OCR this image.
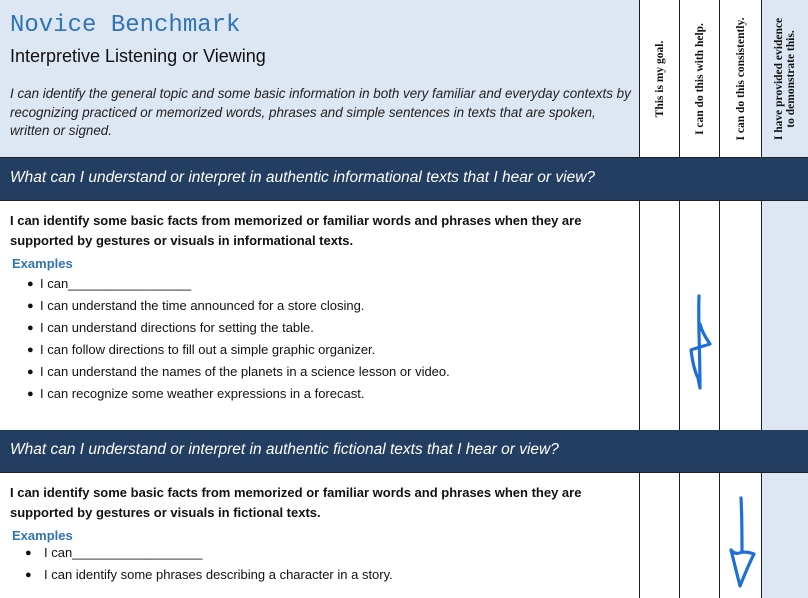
Novice Benchmark
Interpretive Listening or Viewing
I can identify the general topic and some basic information in both very familiar and everyday contexts by recognizing practiced or memorized words, phrases and simple sentences in texts that are spoken, written or signed.
This is my goal. I can do this with help.	I can do this consistently. I have provided evidence to demonstrate this.
What can I understand or interpret in authentic informational texts that I hear or view?
I can identify some basic facts from memorized or familiar words and phrases when they are
supported by gestures or visuals in informational texts.
Examples
● I can_________________
● I can understand the time announced for a store closing.
● I can understand directions for setting the table.
● I can follow directions to fill out a simple graphic organizer.
● I can understand the names of the planets in a science lesson or video.
● I can recognize some weather expressions in a forecast.
What can I understand or interpret in authentic fictional texts that I hear or view?
I can identify some basic facts from memorized or familiar words and phrases when they are
supported by gestures or visuals in fictional texts.
Examples
● I can__________________
● I can identify some phrases describing a character in a story.
